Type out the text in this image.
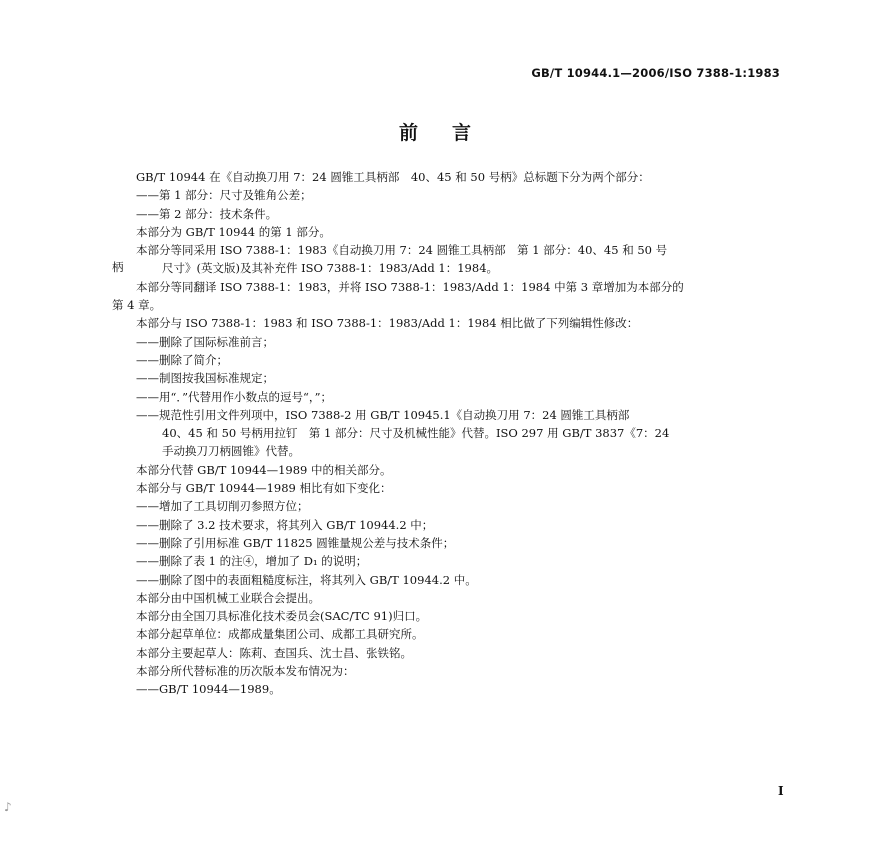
GB/T 10944.1—2006/ISO 7388-1:1983
前言
GB/T 10944 在《自动换刀用 7：24 圆锥工具柄部　40、45 和 50 号柄》总标题下分为两个部分：
——第 1 部分：尺寸及锥角公差；
——第 2 部分：技术条件。
本部分为 GB/T 10944 的第 1 部分。
本部分等同采用 ISO 7388-1：1983《自动换刀用 7：24 圆锥工具柄部　第 1 部分：40、45 和 50 号
尺寸》(英文版)及其补充件 ISO 7388-1：1983/Add 1：1984。
本部分等同翻译 ISO 7388-1：1983，并将 ISO 7388-1：1983/Add 1：1984 中第 3 章增加为本部分的
第 4 章。
本部分与 ISO 7388-1：1983 和 ISO 7388-1：1983/Add 1：1984 相比做了下列编辑性修改：
——删除了国际标准前言；
——删除了简介；
——制图按我国标准规定；
——用“．”代替用作小数点的逗号“，”；
——规范性引用文件列项中，ISO 7388-2 用 GB/T 10945.1《自动换刀用 7：24 圆锥工具柄部
40、45 和 50 号柄用拉钉　第 1 部分：尺寸及机械性能》代替。ISO 297 用 GB/T 3837《7：24
手动换刀刀柄圆锥》代替。
本部分代替 GB/T 10944—1989 中的相关部分。
本部分与 GB/T 10944—1989 相比有如下变化：
——增加了工具切削刃参照方位；
——删除了 3.2 技术要求，将其列入 GB/T 10944.2 中；
——删除了引用标准 GB/T 11825 圆锥量规公差与技术条件；
——删除了表 1 的注④，增加了 D₁ 的说明；
——删除了图中的表面粗糙度标注，将其列入 GB/T 10944.2 中。
本部分由中国机械工业联合会提出。
本部分由全国刀具标准化技术委员会(SAC/TC 91)归口。
本部分起草单位：成都成量集团公司、成都工具研究所。
本部分主要起草人：陈莉、查国兵、沈士昌、张铁铭。
本部分所代替标准的历次版本发布情况为：
——GB/T 10944—1989。
柄
I
♪
